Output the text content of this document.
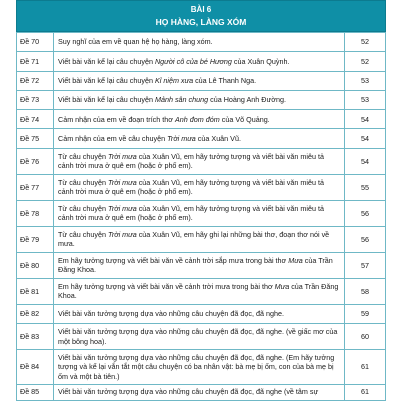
BÀI 6
HỌ HÀNG, LÀNG XÓM
Đề 70	Suy nghĩ của em về quan hệ họ hàng, làng xóm.	52
Đề 71	Viết bài văn kể lại câu chuyện Người cô của bé Hương của Xuân Quỳnh.	52
Đề 72	Viết bài văn kể lại câu chuyện Kỉ niệm xưa của Lê Thanh Nga.	53
Đề 73	Viết bài văn kể lại câu chuyện Mảnh sân chung của Hoàng Anh Đường.	53
Đề 74	Cảm nhận của em về đoạn trích thơ Anh đom đóm của Võ Quảng.	54
Đề 75	Cảm nhận của em về câu chuyện Trời mưa của Xuân Vũ.	54
Đề 76	Từ câu chuyện Trời mưa của Xuân Vũ, em hãy tưởng tượng và viết bài văn miêu tả cảnh trời mưa ở quê em (hoặc ở phố em).	54
Đề 77	Từ câu chuyện Trời mưa của Xuân Vũ, em hãy tưởng tượng và viết bài văn miêu tả cảnh trời mưa ở quê em (hoặc ở phố em).	55
Đề 78	Từ câu chuyện Trời mưa của Xuân Vũ, em hãy tưởng tượng và viết bài văn miêu tả cảnh trời mưa ở quê em (hoặc ở phố em).	56
Đề 79	Từ câu chuyện Trời mưa của Xuân Vũ, em hãy ghi lại những bài thơ, đoạn thơ nói về mưa.	56
Đề 80	Em hãy tưởng tượng và viết bài văn về cảnh trời sắp mưa trong bài thơ Mưa của Trần Đăng Khoa.	57
Đề 81	Em hãy tưởng tượng và viết bài văn về cảnh trời mưa trong bài thơ Mưa của Trần Đăng Khoa.	58
Đề 82	Viết bài văn tưởng tượng dựa vào những câu chuyện đã đọc, đã nghe.	59
Đề 83	Viết bài văn tưởng tượng dựa vào những câu chuyện đã đọc, đã nghe. (về giấc mơ của một bông hoa).	60
Đề 84	Viết bài văn tưởng tượng dựa vào những câu chuyện đã đọc, đã nghe. (Em hãy tưởng tượng và kể lại vắn tắt một câu chuyện có ba nhân vật: bà mẹ bị ốm, con của bà mẹ bị ốm và một bà tiên.)	61
Đề 85	Viết bài văn tưởng tượng dựa vào những câu chuyện đã đọc, đã nghe (về tâm sự	61
